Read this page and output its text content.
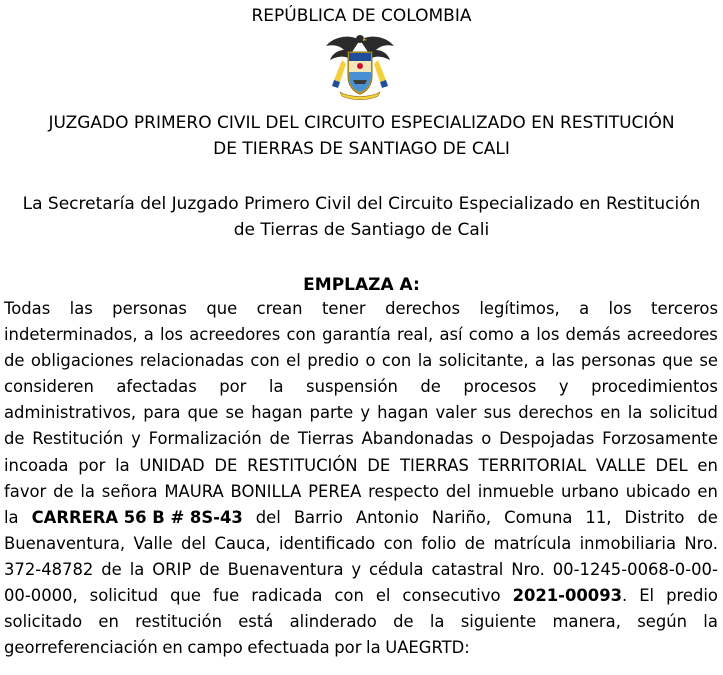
REPÚBLICA DE COLOMBIA
JUZGADO PRIMERO CIVIL DEL CIRCUITO ESPECIALIZADO EN RESTITUCIÓN
DE TIERRAS DE SANTIAGO DE CALI
La Secretaría del Juzgado Primero Civil del Circuito Especializado en Restitución
de Tierras de Santiago de Cali
EMPLAZA A:
Todas las personas que crean tener derechos legítimos, a los terceros
indeterminados, a los acreedores con garantía real, así como a los demás acreedores
de obligaciones relacionadas con el predio o con la solicitante, a las personas que se
consideren afectadas por la suspensión de procesos y procedimientos
administrativos, para que se hagan parte y hagan valer sus derechos en la solicitud
de Restitución y Formalización de Tierras Abandonadas o Despojadas Forzosamente
incoada por la UNIDAD DE RESTITUCIÓN DE TIERRAS TERRITORIAL VALLE DEL en
favor de la señora MAURA BONILLA PEREA respecto del inmueble urbano ubicado en
la CARRERA 56 B # 8S-43 del Barrio Antonio Nariño, Comuna 11, Distrito de
Buenaventura, Valle del Cauca, identificado con folio de matrícula inmobiliaria Nro.
372-48782 de la ORIP de Buenaventura y cédula catastral Nro. 00-1245-0068-0-00-
00-0000, solicitud que fue radicada con el consecutivo 2021-00093. El predio
solicitado en restitución está alinderado de la siguiente manera, según la
georreferenciación en campo efectuada por la UAEGRTD:
